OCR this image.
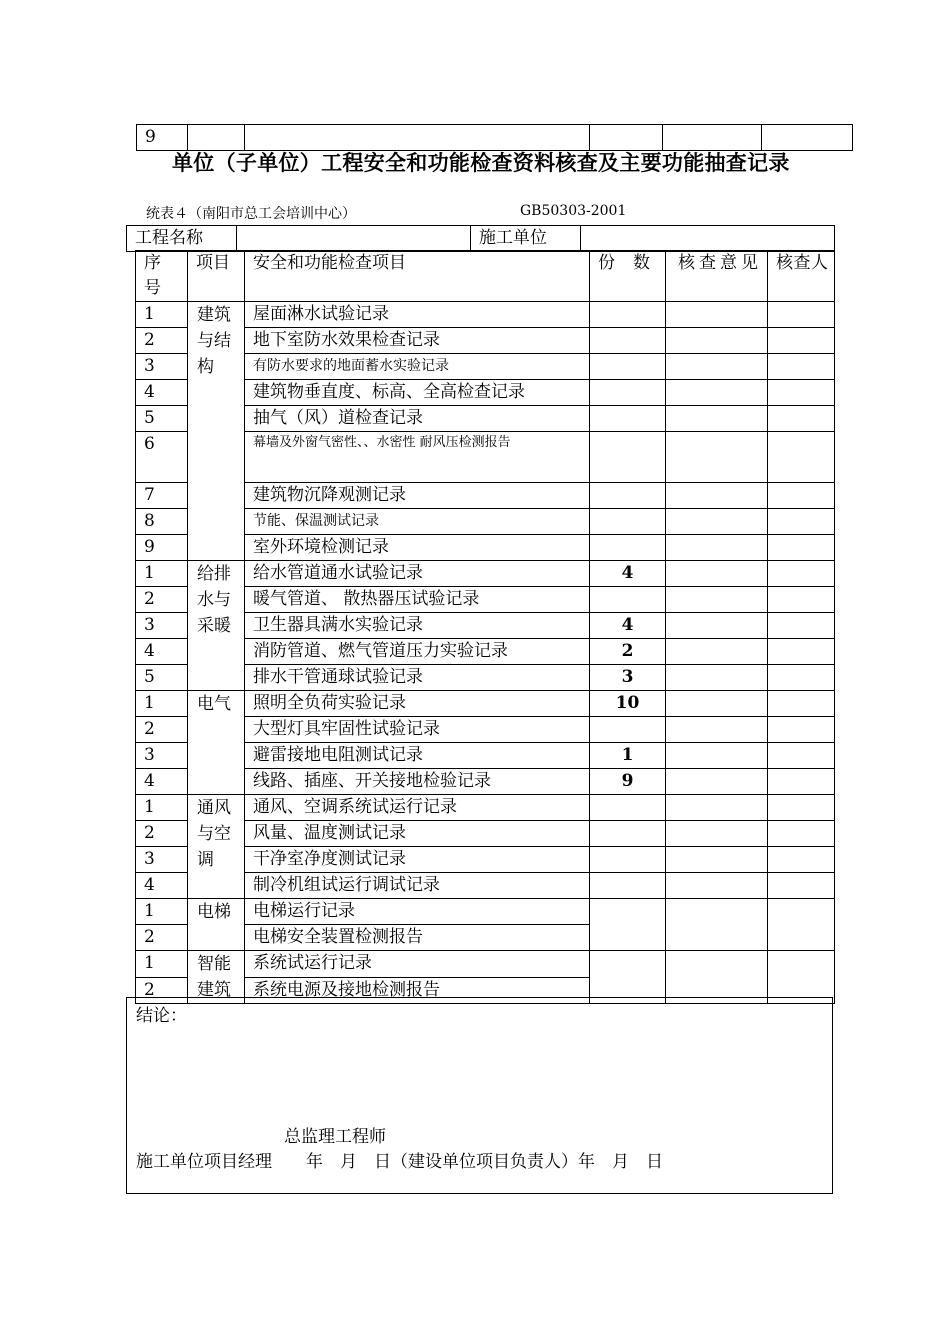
9					
单位（子单位）工程安全和功能检查资料核查及主要功能抽查记录
统表４（南阳市总工会培训中心）	GB50303-2001
工程名称		施工单位	
序号	项目	安全和功能检查项目	份数	核查意见	核查人

1	建筑与结构	屋面淋水试验记录			
2		地下室防水效果检查记录			
3		有防水要求的地面蓄水实验记录			
4		建筑物垂直度、标高、全高检查记录			
5		抽气（风）道检查记录			
6		幕墙及外窗气密性、、水密性 耐风压检测报告			
7		建筑物沉降观测记录			
8		节能、保温测试记录			
9		室外环境检测记录			
1	给排水与采暖	给水管道通水试验记录	4		
2		暖气管道、 散热器压试验记录			
3		卫生器具满水实验记录	4		
4		消防管道、燃气管道压力实验记录	2		
5		排水干管通球试验记录	3		
1	电气	照明全负荷实验记录	10		
2		大型灯具牢固性试验记录			
3		避雷接地电阻测试记录	1		
4		线路、插座、开关接地检验记录	9		
1	通风与空调	通风、空调系统试运行记录			
2		风量、温度测试记录			
3		干净室净度测试记录			
4		制冷机组试运行调试记录			
1	电梯	电梯运行记录			
2		电梯安全装置检测报告			
1	智能建筑	系统试运行记录			
2		系统电源及接地检测报告			
结论：
总监理工程师
施工单位项目经理　　年　月　日（建设单位项目负责人）年　月　日
